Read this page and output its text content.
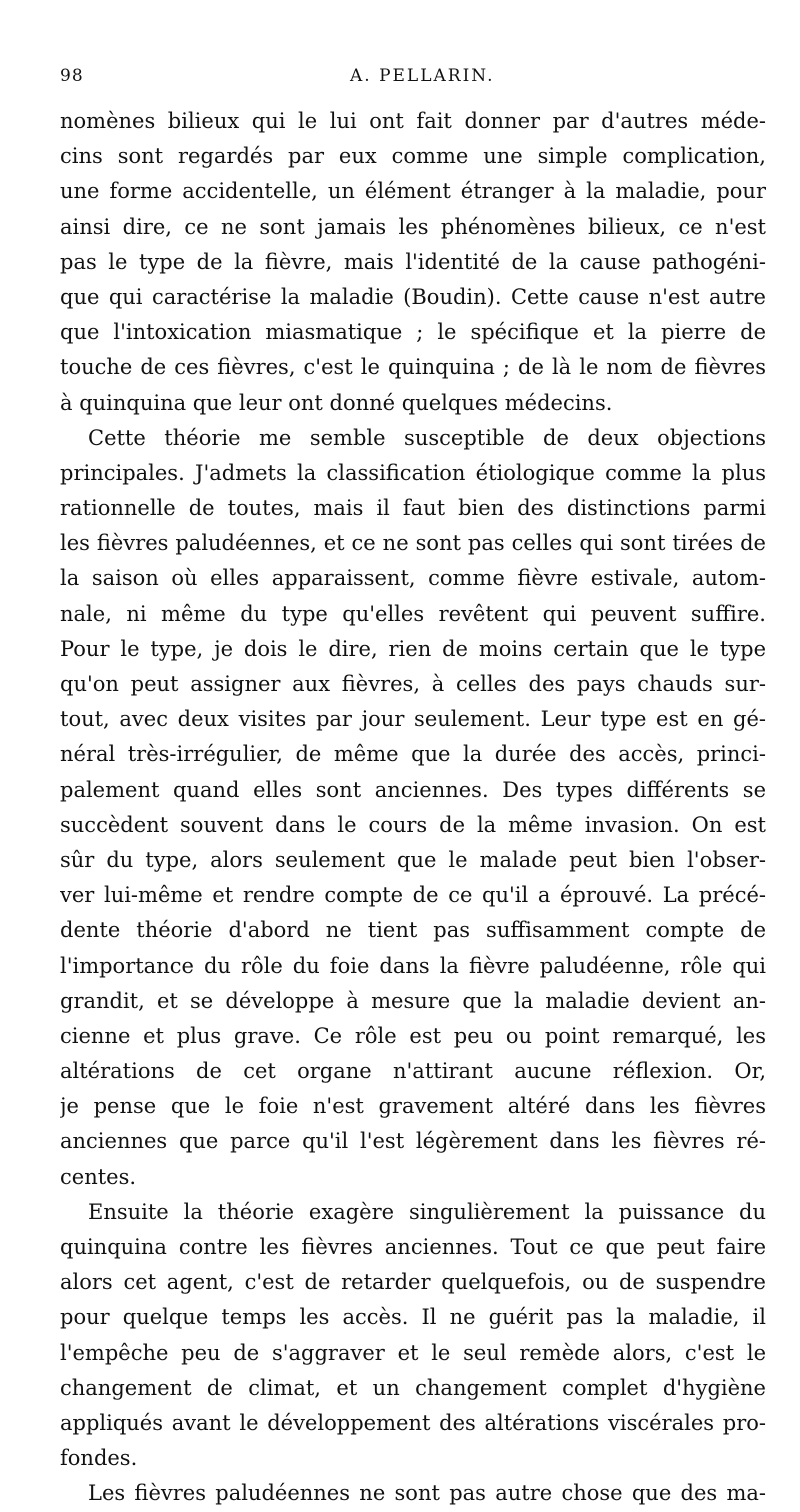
98	A. PELLARIN.
nomènes bilieux qui le lui ont fait donner par d'autres méde-
cins sont regardés par eux comme une simple complication,
une forme accidentelle, un élément étranger à la maladie, pour
ainsi dire, ce ne sont jamais les phénomènes bilieux, ce n'est
pas le type de la fièvre, mais l'identité de la cause pathogéni-
que qui caractérise la maladie (Boudin). Cette cause n'est autre
que l'intoxication miasmatique ; le spécifique et la pierre de
touche de ces fièvres, c'est le quinquina ; de là le nom de fièvres
à quinquina que leur ont donné quelques médecins.
Cette théorie me semble susceptible de deux objections
principales. J'admets la classification étiologique comme la plus
rationnelle de toutes, mais il faut bien des distinctions parmi
les fièvres paludéennes, et ce ne sont pas celles qui sont tirées de
la saison où elles apparaissent, comme fièvre estivale, autom-
nale, ni même du type qu'elles revêtent qui peuvent suffire.
Pour le type, je dois le dire, rien de moins certain que le type
qu'on peut assigner aux fièvres, à celles des pays chauds sur-
tout, avec deux visites par jour seulement. Leur type est en gé-
néral très-irrégulier, de même que la durée des accès, princi-
palement quand elles sont anciennes. Des types différents se
succèdent souvent dans le cours de la même invasion. On est
sûr du type, alors seulement que le malade peut bien l'obser-
ver lui-même et rendre compte de ce qu'il a éprouvé. La précé-
dente théorie d'abord ne tient pas suffisamment compte de
l'importance du rôle du foie dans la fièvre paludéenne, rôle qui
grandit, et se développe à mesure que la maladie devient an-
cienne et plus grave. Ce rôle est peu ou point remarqué, les
altérations de cet organe n'attirant aucune réflexion. Or,
je pense que le foie n'est gravement altéré dans les fièvres
anciennes que parce qu'il l'est légèrement dans les fièvres ré-
centes.
Ensuite la théorie exagère singulièrement la puissance du
quinquina contre les fièvres anciennes. Tout ce que peut faire
alors cet agent, c'est de retarder quelquefois, ou de suspendre
pour quelque temps les accès. Il ne guérit pas la maladie, il
l'empêche peu de s'aggraver et le seul remède alors, c'est le
changement de climat, et un changement complet d'hygiène
appliqués avant le développement des altérations viscérales pro-
fondes.
Les fièvres paludéennes ne sont pas autre chose que des ma-
